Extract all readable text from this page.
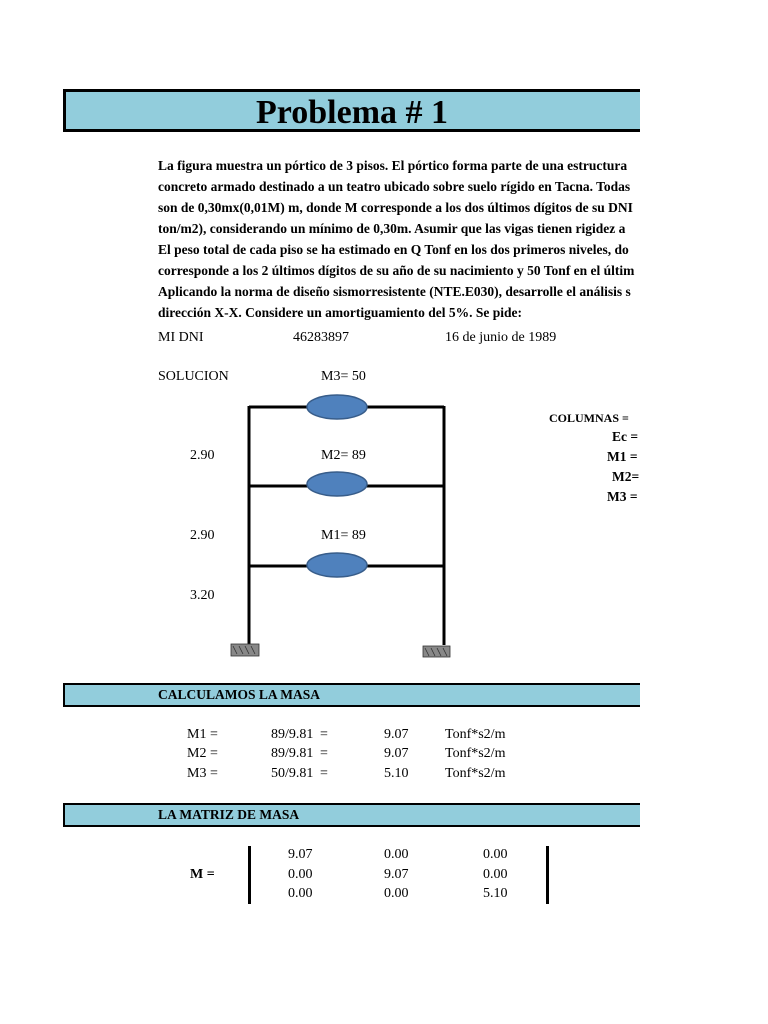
Problema # 1
La figura muestra un pórtico de 3 pisos. El pórtico forma parte de una estructura
concreto armado destinado a un teatro ubicado sobre suelo rígido en Tacna. Todas
son de 0,30mx(0,01M) m, donde M corresponde a los dos últimos dígitos de su DNI
ton/m2), considerando un mínimo de 0,30m. Asumir que las vigas tienen rigidez a
El peso total de cada piso se ha estimado en Q Tonf en los dos primeros niveles, do
corresponde a los 2 últimos dígitos de su año de su nacimiento y 50 Tonf en el últim
Aplicando la norma de diseño sismorresistente (NTE.E030), desarrolle el análisis s
dirección X-X. Considere un amortiguamiento del 5%. Se pide:
MI DNI	46283897	16 de junio de 1989
SOLUCION	M3= 50
M2= 89
M1= 89
2.90
2.90
3.20
COLUMNAS =
Ec =
M1 =
M2=
M3 =
CALCULAMOS LA MASA
M1 =	89/9.81 =	9.07	Tonf*s2/m
M2 =	89/9.81 =	9.07	Tonf*s2/m
M3 =	50/9.81 =	5.10	Tonf*s2/m
LA MATRIZ DE MASA
M =
9.07	0.00	0.00
0.00	9.07	0.00
0.00	0.00	5.10
